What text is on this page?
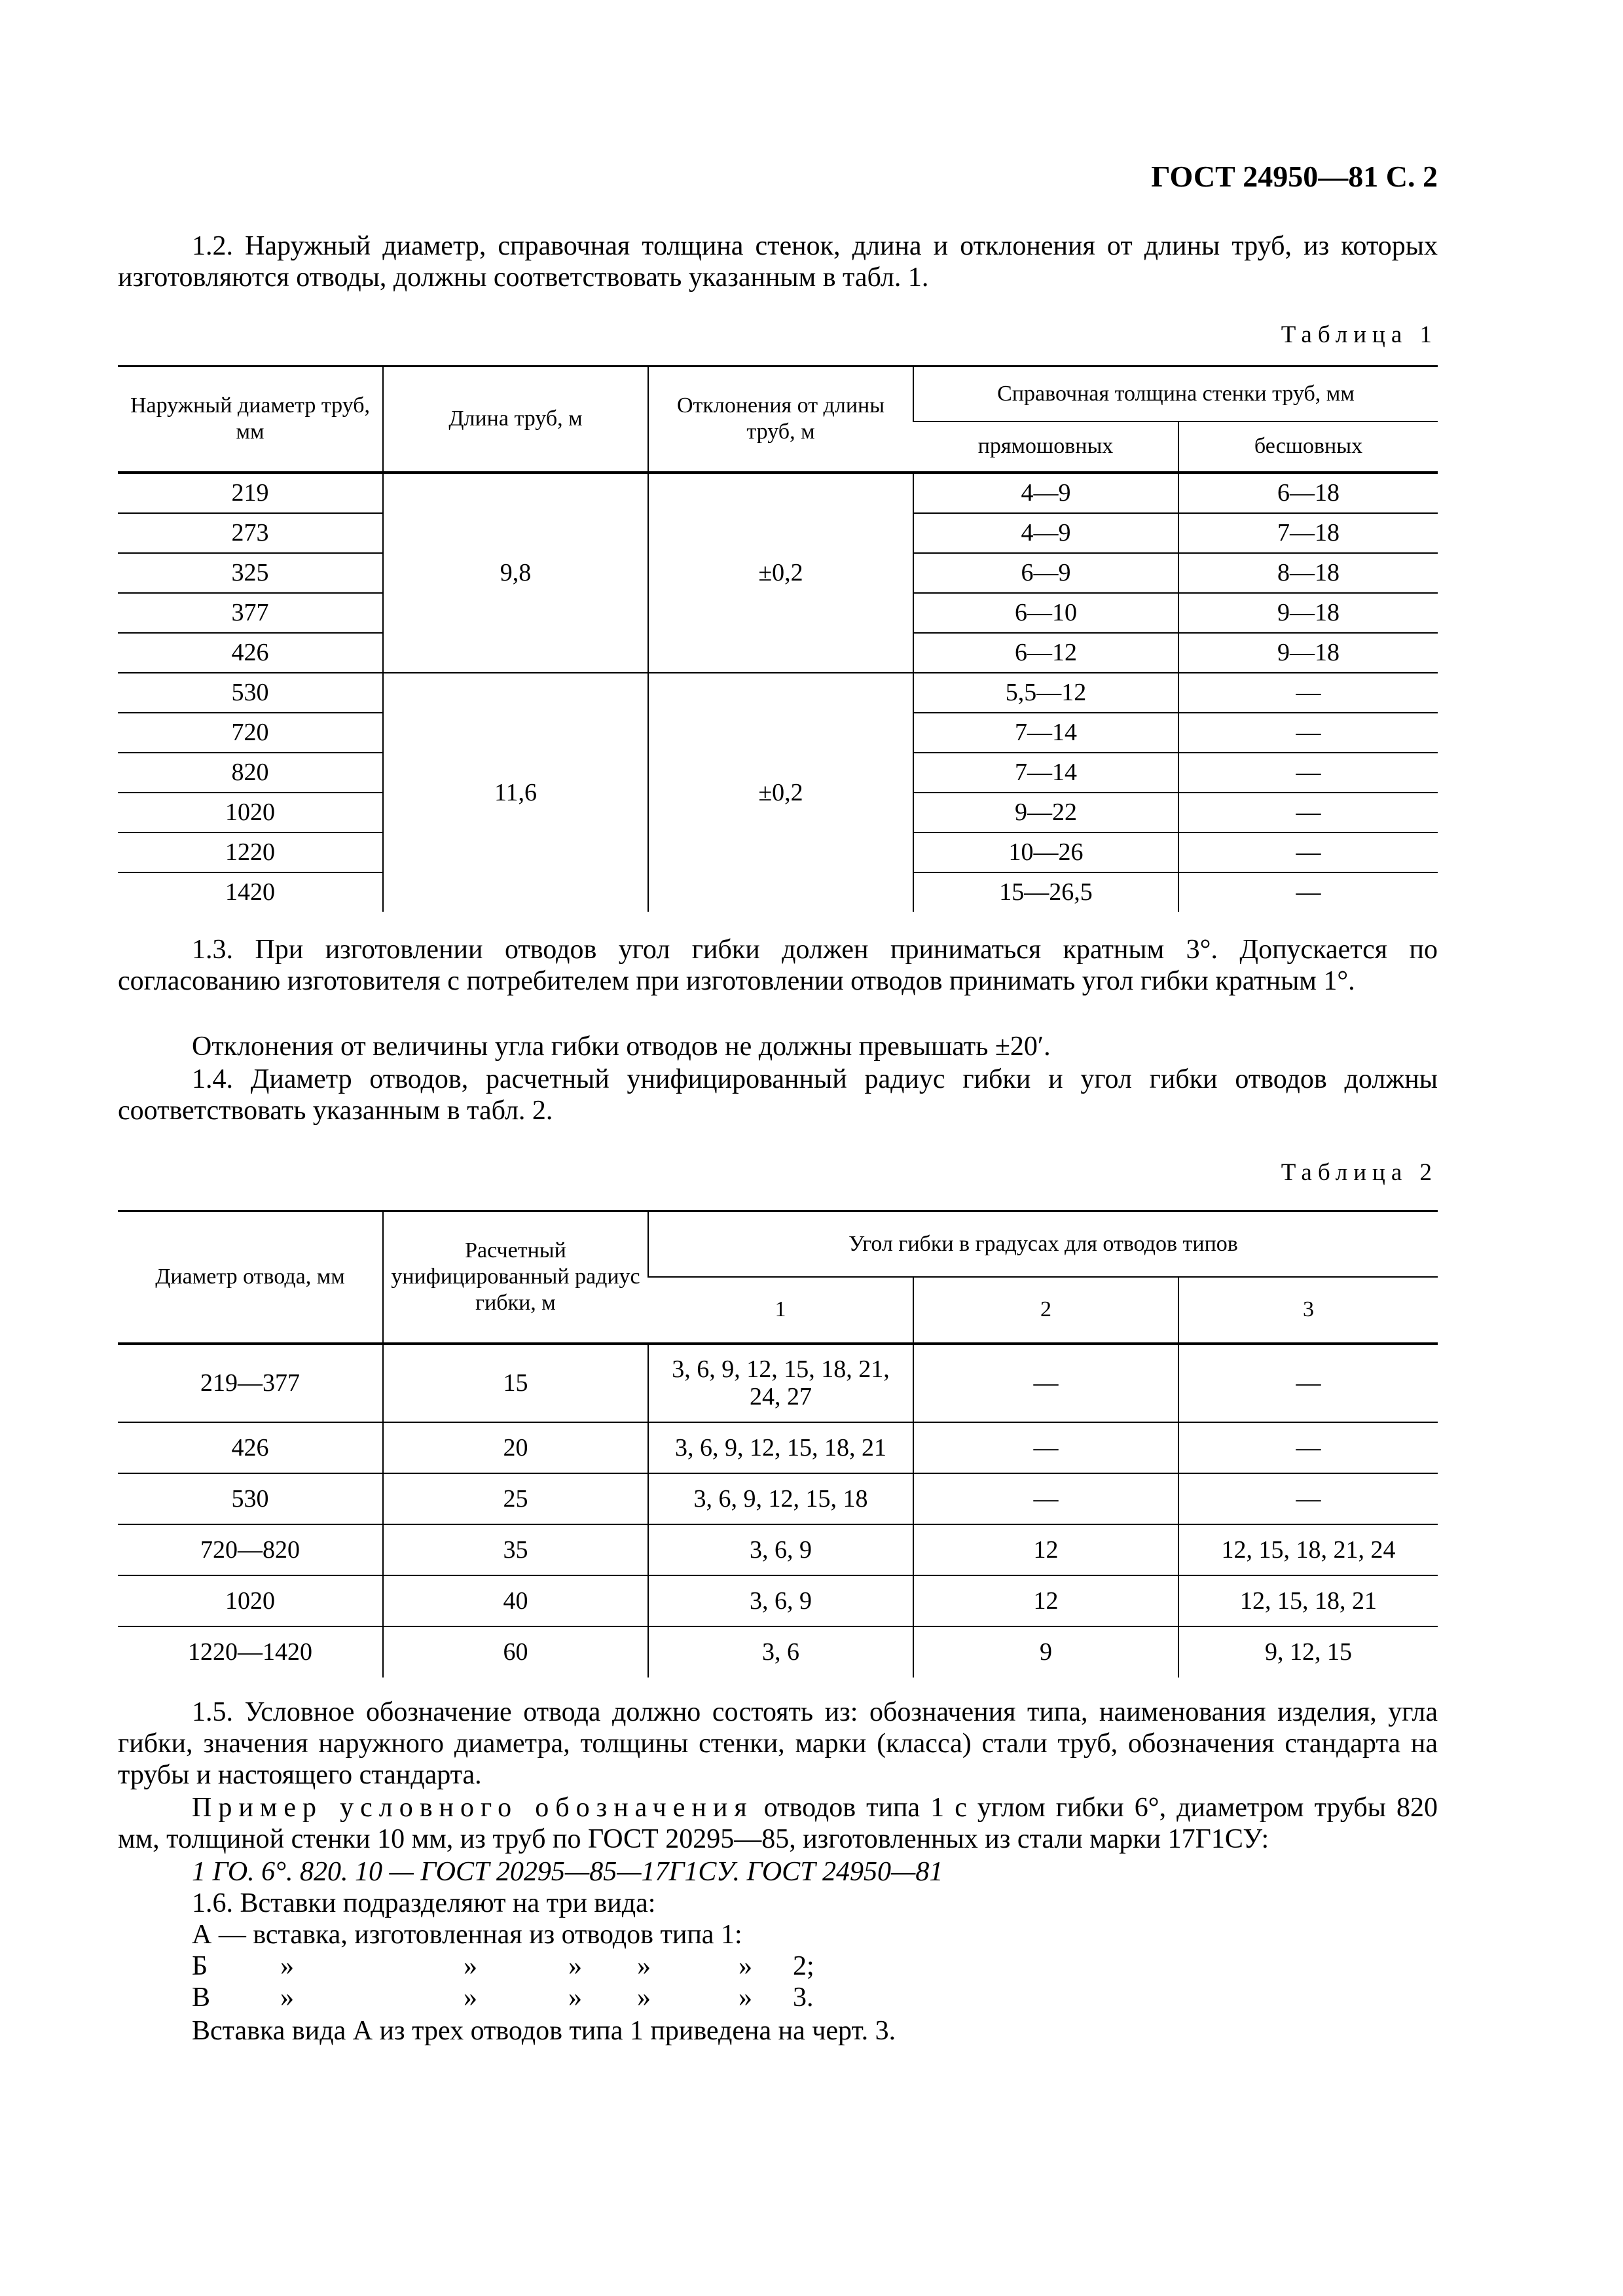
ГОСТ 24950—81 С. 2

1.2. Наружный диаметр, справочная толщина стенок, длина и отклонения от длины труб, из которых изготовляются отводы, должны соответствовать указанным в табл. 1.

Таблица 1
Наружный диаметр труб, мм	Длина труб, м	Отклонения от длины труб, м	Справочная толщина стенки труб, мм	
			прямошовных	бесшовных
219	9,8	±0,2	4—9	6—18
273			4—9	7—18
325			6—9	8—18
377			6—10	9—18
426			6—12	9—18
530	11,6	±0,2	5,5—12	—
720			7—14	—
820			7—14	—
1020			9—22	—
1220			10—26	—
1420			15—26,5	—

1.3. При изготовлении отводов угол гибки должен приниматься кратным 3°. Допускается по согласованию изготовителя с потребителем при изготовлении отводов принимать угол гибки кратным 1°.

Отклонения от величины угла гибки отводов не должны превышать ±20′.

1.4. Диаметр отводов, расчетный унифицированный радиус гибки и угол гибки отводов должны соответствовать указанным в табл. 2.

Таблица 2
Диаметр отвода, мм	Расчетный унифицированный радиус гибки, м	Угол гибки в градусах для отводов типов		
		1	2	3
219—377	15	3, 6, 9, 12, 15, 18, 21, 24, 27	—	—
426	20	3, 6, 9, 12, 15, 18, 21	—	—
530	25	3, 6, 9, 12, 15, 18	—	—
720—820	35	3, 6, 9	12	12, 15, 18, 21, 24
1020	40	3, 6, 9	12	12, 15, 18, 21
1220—1420	60	3, 6	9	9, 12, 15

1.5. Условное обозначение отвода должно состоять из: обозначения типа, наименования изделия, угла гибки, значения наружного диаметра, толщины стенки, марки (класса) стали труб, обозначения стандарта на трубы и настоящего стандарта.

Пример условного обозначения отводов типа 1 с углом гибки 6°, диаметром трубы 820 мм, толщиной стенки 10 мм, из труб по ГОСТ 20295—85, изготовленных из стали марки 17Г1СУ:

1 ГО. 6°. 820. 10 — ГОСТ 20295—85—17Г1СУ. ГОСТ 24950—81

1.6. Вставки подразделяют на три вида:

А — вставка, изготовленная из отводов типа 1:

Б	»	»	» »	» 2;
В	»	»	» »	» 3.

Вставка вида А из трех отводов типа 1 приведена на черт. 3.
